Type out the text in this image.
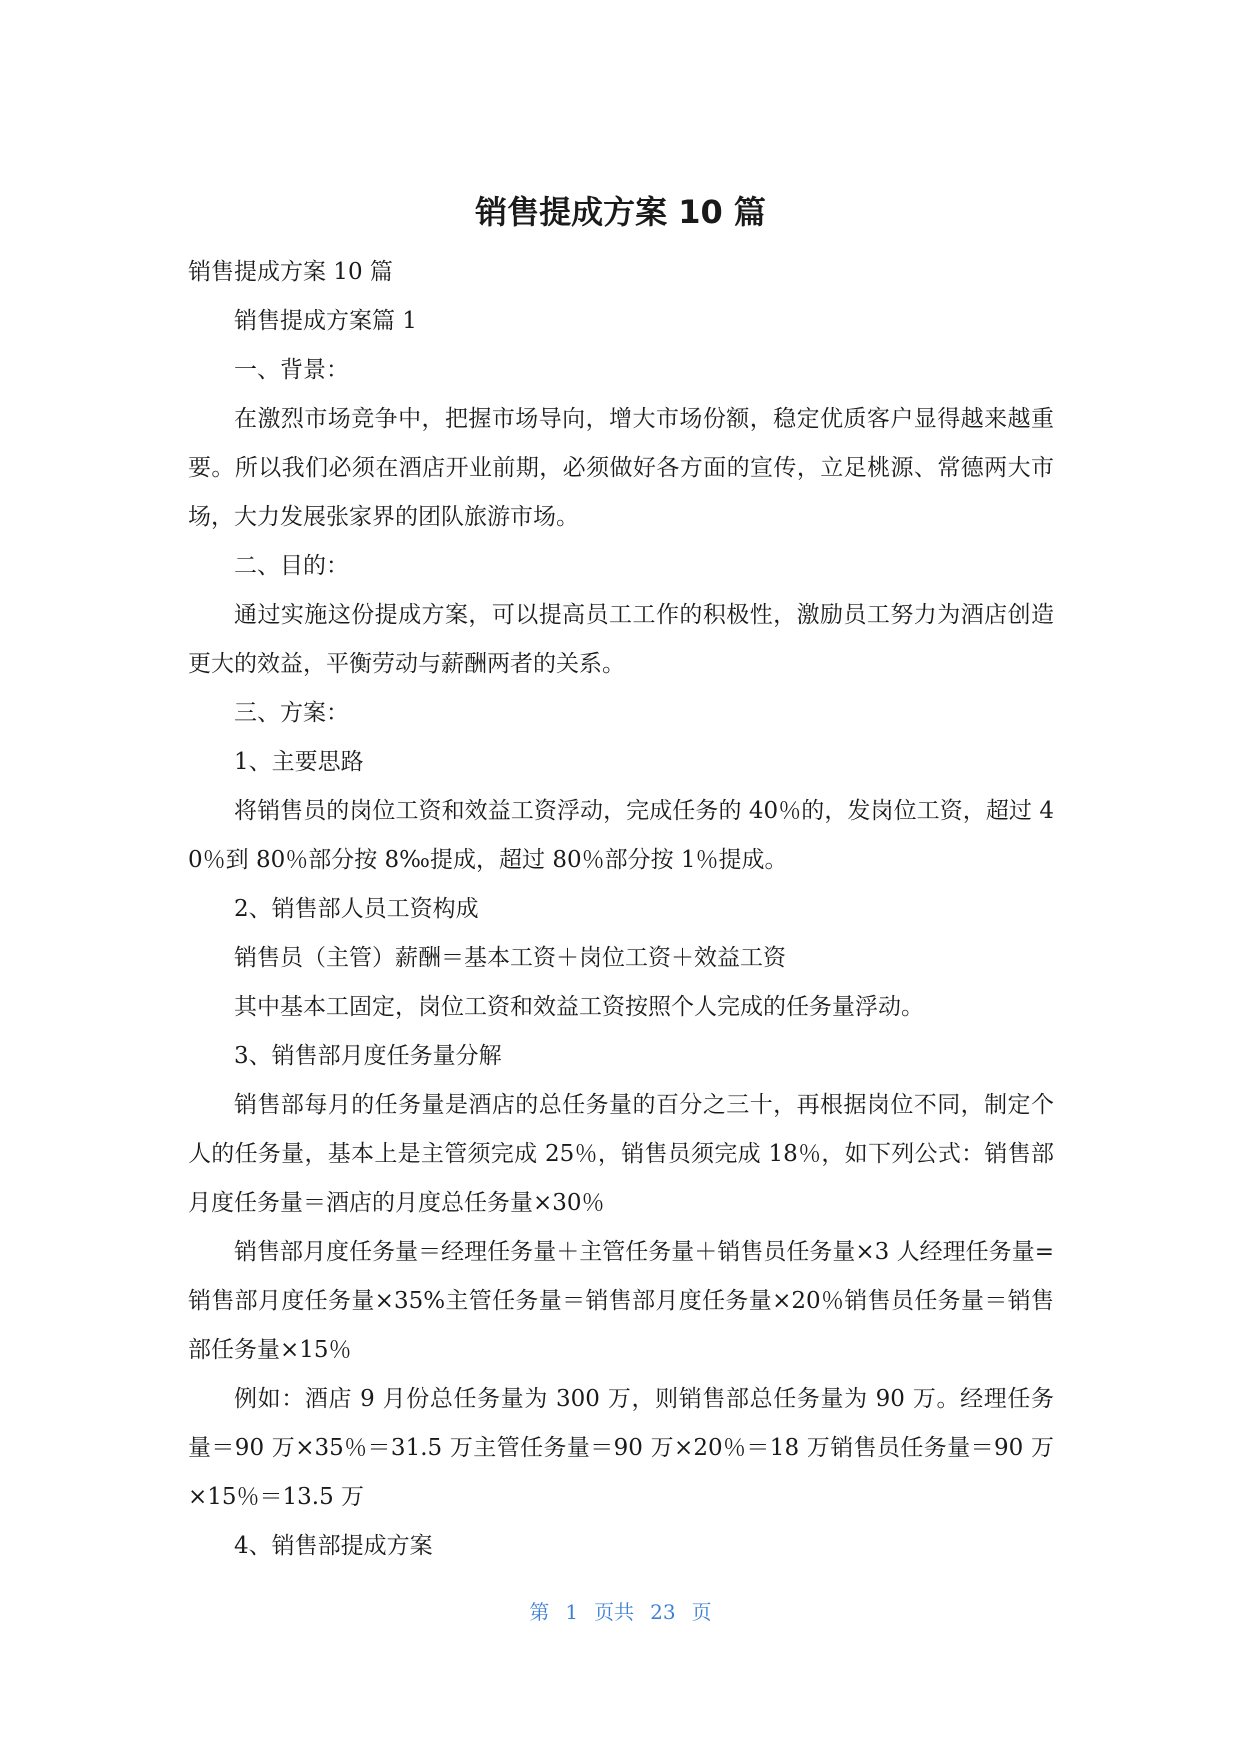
销售提成方案 10 篇

销售提成方案 10 篇

销售提成方案篇 1

一、背景：

在激烈市场竞争中，把握市场导向，增大市场份额，稳定优质客户显得越来越重要。所以我们必须在酒店开业前期，必须做好各方面的宣传，立足桃源、常德两大市场，大力发展张家界的团队旅游市场。

二、目的：

通过实施这份提成方案，可以提高员工工作的积极性，激励员工努力为酒店创造更大的效益，平衡劳动与薪酬两者的关系。

三、方案：

1、主要思路

将销售员的岗位工资和效益工资浮动，完成任务的 40％的，发岗位工资，超过 40％到 80％部分按 8‰提成，超过 80％部分按 1％提成。

2、销售部人员工资构成

销售员（主管）薪酬＝基本工资＋岗位工资＋效益工资

其中基本工固定，岗位工资和效益工资按照个人完成的任务量浮动。

3、销售部月度任务量分解

销售部每月的任务量是酒店的总任务量的百分之三十，再根据岗位不同，制定个人的任务量，基本上是主管须完成 25％，销售员须完成 18％，如下列公式：销售部月度任务量＝酒店的月度总任务量×30％

销售部月度任务量＝经理任务量＋主管任务量＋销售员任务量×3 人经理任务量=销售部月度任务量×35%主管任务量＝销售部月度任务量×20％销售员任务量＝销售部任务量×15％

例如：酒店 9 月份总任务量为 300 万，则销售部总任务量为 90 万。经理任务量＝90 万×35％＝31.5 万主管任务量＝90 万×20％＝18 万销售员任务量＝90 万×15％＝13.5 万

4、销售部提成方案

第 1 页共 23 页
